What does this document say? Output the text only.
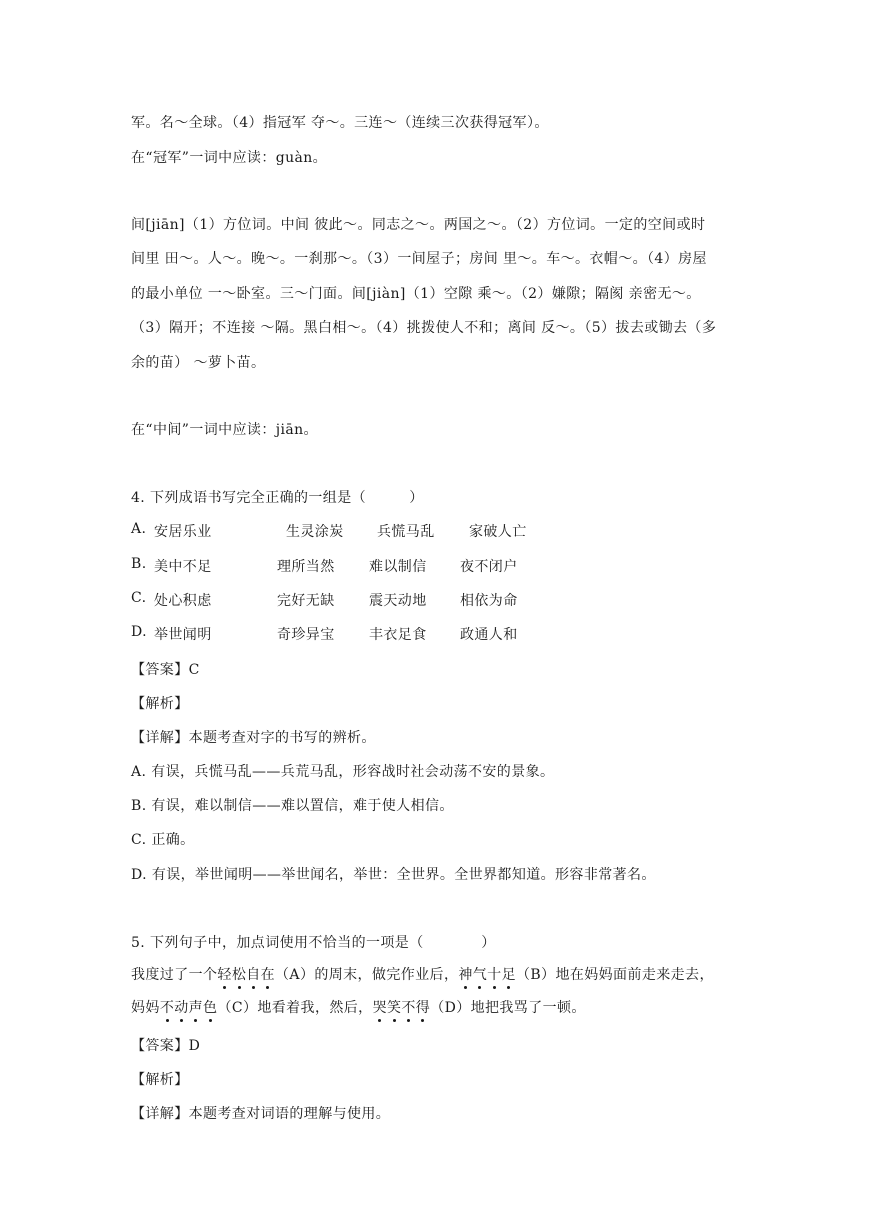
军。名～全球。（4）指冠军 夺～。三连～（连续三次获得冠军）。
在“冠军”一词中应读：guàn。
间[jiān]（1）方位词。中间 彼此～。同志之～。两国之～。（2）方位词。一定的空间或时
间里 田～。人～。晚～。一刹那～。（3）一间屋子；房间 里～。车～。衣帽～。（4）房屋
的最小单位 一～卧室。三～门面。间[jiàn]（1）空隙 乘～。（2）嫌隙；隔阂 亲密无～。
（3）隔开；不连接 ～隔。黑白相～。（4）挑拨使人不和；离间 反～。（5）拔去或锄去（多
余的苗） ～萝卜苗。
在“中间”一词中应读：jiān。
4. 下列成语书写完全正确的一组是（　　　）
A. 安居乐业	生灵涂炭 兵慌马乱 家破人亡
B. 美中不足	理所当然 难以制信 夜不闭户
C. 处心积虑	完好无缺 震天动地 相依为命
D. 举世闻明	奇珍异宝 丰衣足食 政通人和
【答案】C
【解析】
【详解】本题考查对字的书写的辨析。
A. 有误，兵慌马乱——兵荒马乱，形容战时社会动荡不安的景象。
B. 有误，难以制信——难以置信，难于使人相信。
C. 正确。
D. 有误，举世闻明——举世闻名，举世：全世界。全世界都知道。形容非常著名。
5. 下列句子中，加点词使用不恰当的一项是（　　　　）
我度过了一个轻松自在（A）的周末，做完作业后，神气十足（B）地在妈妈面前走来走去，
妈妈不动声色（C）地看着我，然后，哭笑不得（D）地把我骂了一顿。
【答案】D
【解析】
【详解】本题考查对词语的理解与使用。
